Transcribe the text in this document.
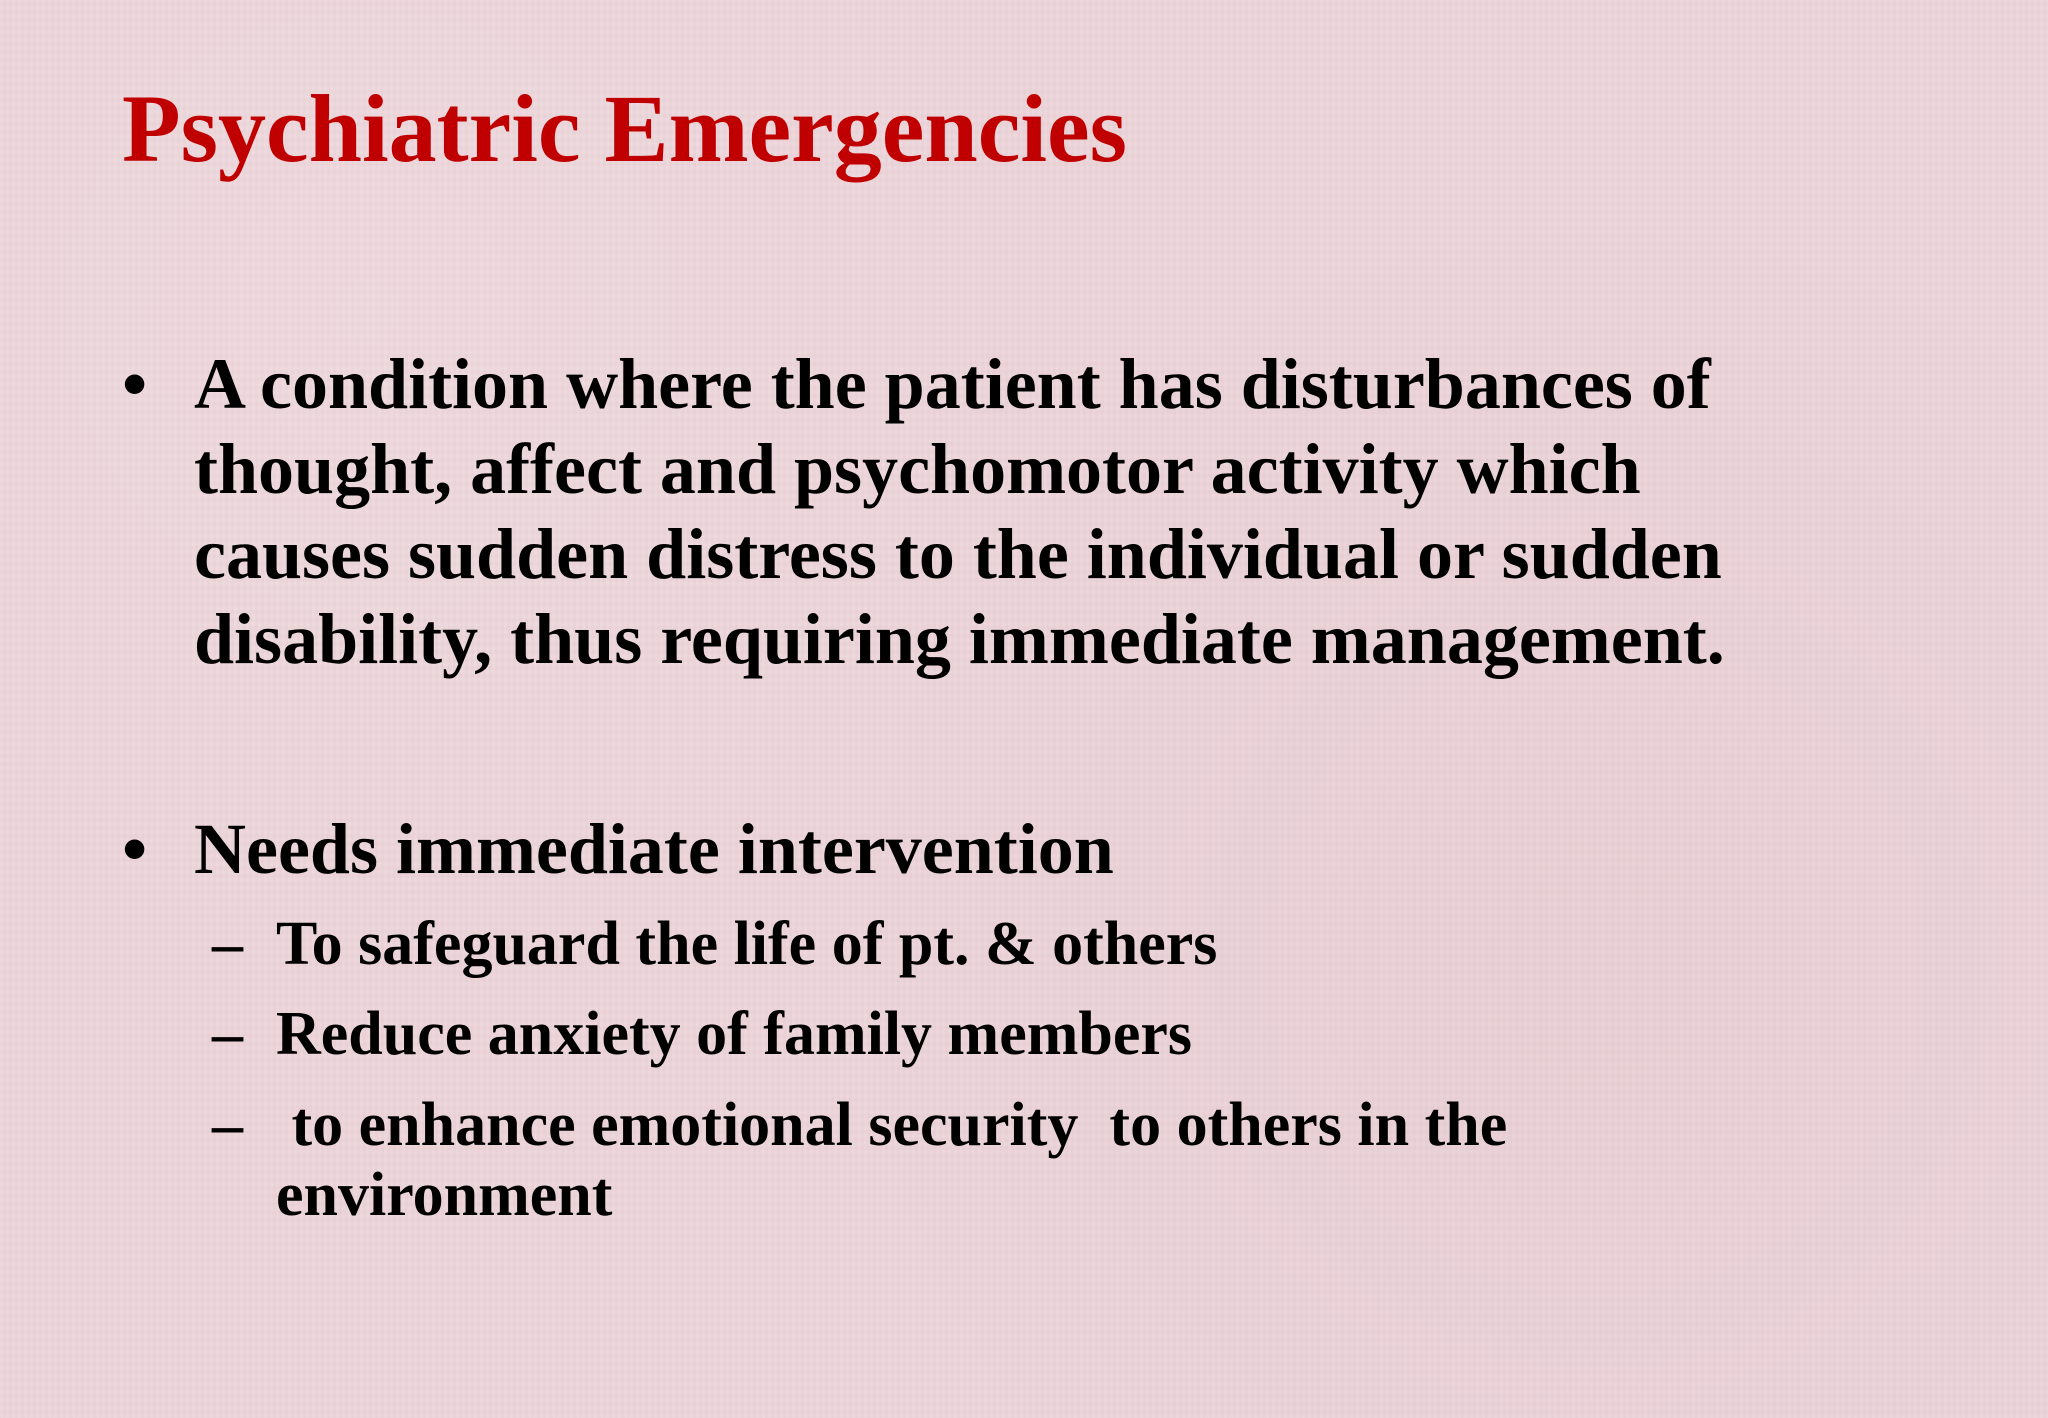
Psychiatric Emergencies
• A condition where the patient has disturbances of
thought, affect and psychomotor activity which
causes sudden distress to the individual or sudden
disability, thus requiring immediate management.
• Needs immediate intervention
– To safeguard the life of pt. & others
– Reduce anxiety of family members
– to enhance emotional security  to others in the
environment
